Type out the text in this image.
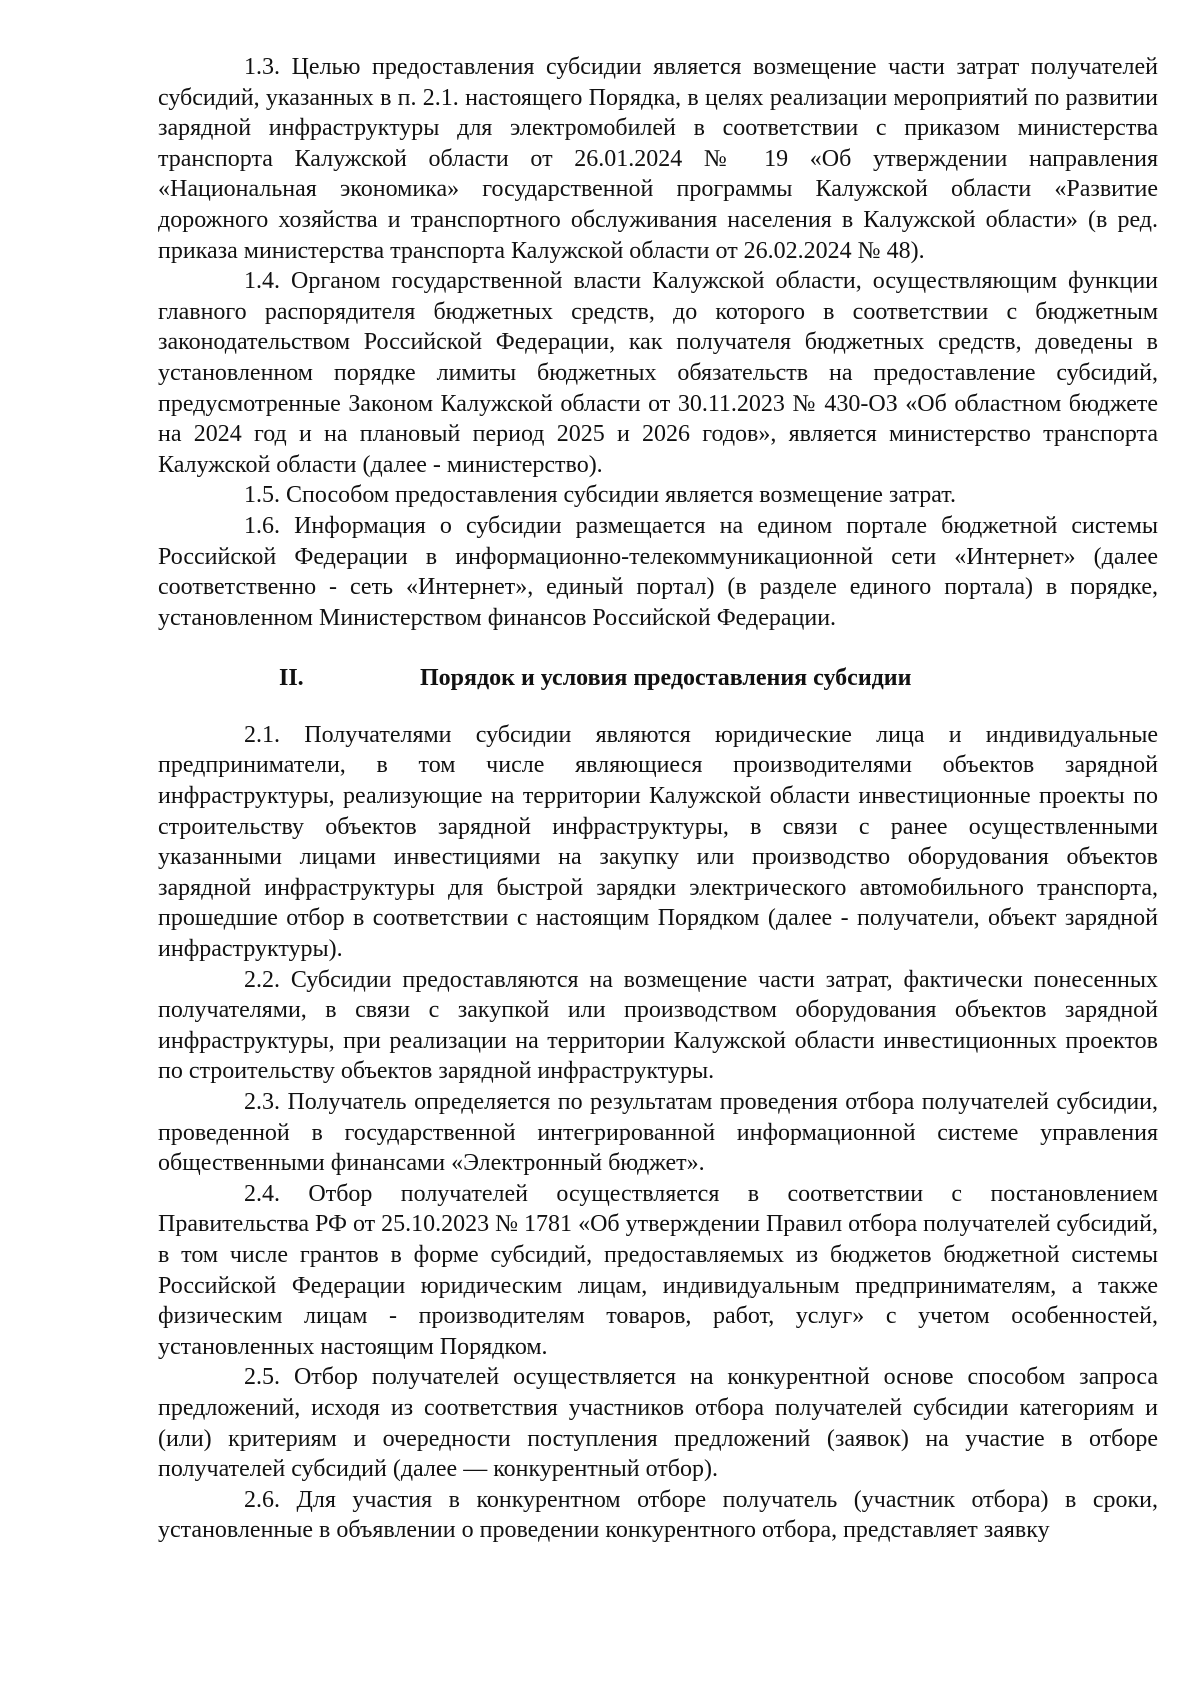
1.3. Целью предоставления субсидии является возмещение части затрат получателей субсидий, указанных в п. 2.1. настоящего Порядка, в целях реализации мероприятий по развитии зарядной инфраструктуры для электромобилей в соответствии с приказом министерства транспорта Калужской области от 26.01.2024 № 19 «Об утверждении направления «Национальная экономика» государственной программы Калужской области «Развитие дорожного хозяйства и транспортного обслуживания населения в Калужской области» (в ред. приказа министерства транспорта Калужской области от 26.02.2024 № 48).

1.4. Органом государственной власти Калужской области, осуществляющим функции главного распорядителя бюджетных средств, до которого в соответствии с бюджетным законодательством Российской Федерации, как получателя бюджетных средств, доведены в установленном порядке лимиты бюджетных обязательств на предоставление субсидий, предусмотренные Законом Калужской области от 30.11.2023 № 430-ОЗ «Об областном бюджете на 2024 год и на плановый период 2025 и 2026 годов», является министерство транспорта Калужской области (далее - министерство).

1.5. Способом предоставления субсидии является возмещение затрат.

1.6. Информация о субсидии размещается на едином портале бюджетной системы Российской Федерации в информационно-телекоммуникационной сети «Интернет» (далее соответственно - сеть «Интернет», единый портал) (в разделе единого портала) в порядке, установленном Министерством финансов Российской Федерации.

II.	Порядок и условия предоставления субсидии

2.1. Получателями субсидии являются юридические лица и индивидуальные предприниматели, в том числе являющиеся производителями объектов зарядной инфраструктуры, реализующие на территории Калужской области инвестиционные проекты по строительству объектов зарядной инфраструктуры, в связи с ранее осуществленными указанными лицами инвестициями на закупку или производство оборудования объектов зарядной инфраструктуры для быстрой зарядки электрического автомобильного транспорта, прошедшие отбор в соответствии с настоящим Порядком (далее - получатели, объект зарядной инфраструктуры).

2.2. Субсидии предоставляются на возмещение части затрат, фактически понесенных получателями, в связи с закупкой или производством оборудования объектов зарядной инфраструктуры, при реализации на территории Калужской области инвестиционных проектов по строительству объектов зарядной инфраструктуры.

2.3. Получатель определяется по результатам проведения отбора получателей субсидии, проведенной в государственной интегрированной информационной системе управления общественными финансами «Электронный бюджет».

2.4. Отбор получателей осуществляется в соответствии с постановлением Правительства РФ от 25.10.2023 № 1781 «Об утверждении Правил отбора получателей субсидий, в том числе грантов в форме субсидий, предоставляемых из бюджетов бюджетной системы Российской Федерации юридическим лицам, индивидуальным предпринимателям, а также физическим лицам - производителям товаров, работ, услуг» с учетом особенностей, установленных настоящим Порядком.

2.5. Отбор получателей осуществляется на конкурентной основе способом запроса предложений, исходя из соответствия участников отбора получателей субсидии категориям и (или) критериям и очередности поступления предложений (заявок) на участие в отборе получателей субсидий (далее — конкурентный отбор).

2.6. Для участия в конкурентном отборе получатель (участник отбора) в сроки, установленные в объявлении о проведении конкурентного отбора, представляет заявку
